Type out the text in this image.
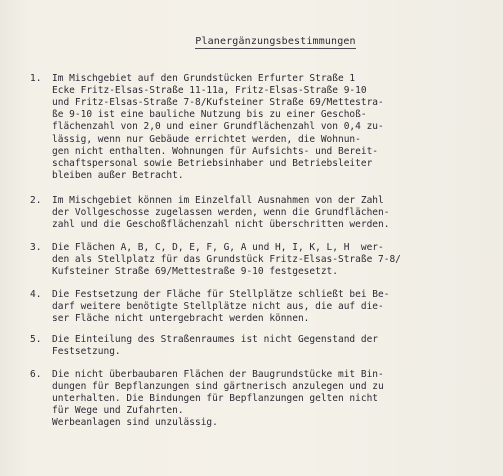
Planergänzungsbestimmungen
1. Im Mischgebiet auf den Grundstücken Erfurter Straße 1
Ecke Fritz-Elsas-Straße 11-11a, Fritz-Elsas-Straße 9-10
und Fritz-Elsas-Straße 7-8/Kufsteiner Straße 69/Mettestra-
ße 9-10 ist eine bauliche Nutzung bis zu einer Geschoß-
flächenzahl von 2,0 und einer Grundflächenzahl von 0,4 zu-
lässig, wenn nur Gebäude errichtet werden, die Wohnun-
gen nicht enthalten. Wohnungen für Aufsichts- und Bereit-
schaftspersonal sowie Betriebsinhaber und Betriebsleiter
bleiben außer Betracht.
2. Im Mischgebiet können im Einzelfall Ausnahmen von der Zahl
der Vollgeschosse zugelassen werden, wenn die Grundflächen-
zahl und die Geschoßflächenzahl nicht überschritten werden.
3. Die Flächen A, B, C, D, E, F, G, A und H, I, K, L, H  wer-
den als Stellplatz für das Grundstück Fritz-Elsas-Straße 7-8/
Kufsteiner Straße 69/Mettestraße 9-10 festgesetzt.
4. Die Festsetzung der Fläche für Stellplätze schließt bei Be-
darf weitere benötigte Stellplätze nicht aus, die auf die-
ser Fläche nicht untergebracht werden können.
5. Die Einteilung des Straßenraumes ist nicht Gegenstand der
Festsetzung.
6. Die nicht überbaubaren Flächen der Baugrundstücke mit Bin-
dungen für Bepflanzungen sind gärtnerisch anzulegen und zu
unterhalten. Die Bindungen für Bepflanzungen gelten nicht
für Wege und Zufahrten.
Werbeanlagen sind unzulässig.
